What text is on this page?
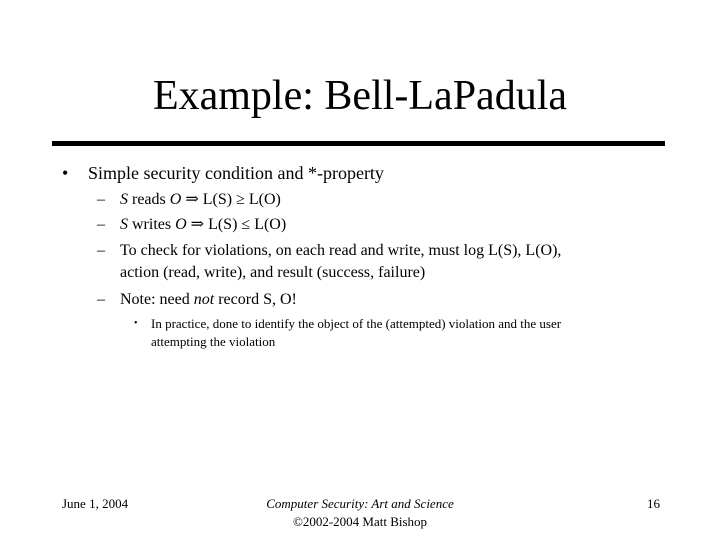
Example: Bell-LaPadula
• Simple security condition and *-property
– S reads O ⇒ L(S) ≥ L(O)
– S writes O ⇒ L(S) ≤ L(O)
– To check for violations, on each read and write, must log L(S), L(O),
action (read, write), and result (success, failure)
– Note: need not record S, O!
• In practice, done to identify the object of the (attempted) violation and the user
attempting the violation
June 1, 2004	Computer Security: Art and Science
©2002-2004 Matt Bishop
16
